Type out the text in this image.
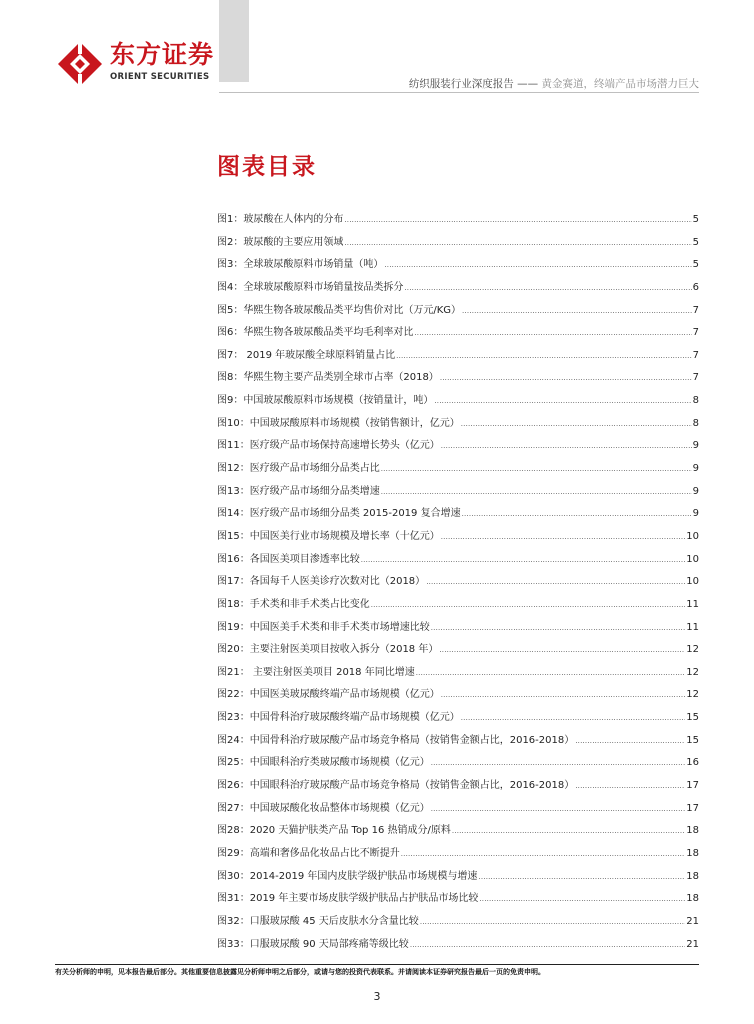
东方证券
ORIENT SECURITIES
纺织服装行业深度报告 —— 黄金赛道，终端产品市场潜力巨大
图表目录
图1：玻尿酸在人体内的分布 .....	5
图2：玻尿酸的主要应用领域 .....	5
图3：全球玻尿酸原料市场销量（吨） .....	5
图4：全球玻尿酸原料市场销量按品类拆分 .....	6
图5：华熙生物各玻尿酸品类平均售价对比（万元/KG） .....	7
图6：华熙生物各玻尿酸品类平均毛利率对比 .....	7
图7： 2019 年玻尿酸全球原料销量占比 .....	7
图8：华熙生物主要产品类别全球市占率（2018） .....	7
图9：中国玻尿酸原料市场规模（按销量计，吨） .....	8
图10：中国玻尿酸原料市场规模（按销售额计，亿元） .....	8
图11：医疗级产品市场保持高速增长势头（亿元） .....	9
图12：医疗级产品市场细分品类占比 .....	9
图13：医疗级产品市场细分品类增速 .....	9
图14：医疗级产品市场细分品类 2015-2019 复合增速 .....	9
图15：中国医美行业市场规模及增长率（十亿元） .....	10
图16：各国医美项目渗透率比较 .....	10
图17：各国每千人医美诊疗次数对比（2018） .....	10
图18：手术类和非手术类占比变化 .....	11
图19：中国医美手术类和非手术类市场增速比较 .....	11
图20：主要注射医美项目按收入拆分（2018 年） .....	12
图21： 主要注射医美项目 2018 年同比增速 .....	12
图22：中国医美玻尿酸终端产品市场规模（亿元） .....	12
图23：中国骨科治疗玻尿酸终端产品市场规模（亿元） .....	15
图24：中国骨科治疗玻尿酸产品市场竞争格局（按销售金额占比，2016-2018） .....	15
图25：中国眼科治疗类玻尿酸市场规模（亿元） .....	16
图26：中国眼科治疗玻尿酸产品市场竞争格局（按销售金额占比，2016-2018） .....	17
图27：中国玻尿酸化妆品整体市场规模（亿元） .....	17
图28：2020 天猫护肤类产品 Top 16 热销成分/原料 .....	18
图29：高端和奢侈品化妆品占比不断提升 .....	18
图30：2014-2019 年国内皮肤学级护肤品市场规模与增速 .....	18
图31：2019 年主要市场皮肤学级护肤品占护肤品市场比较 .....	18
图32：口服玻尿酸 45 天后皮肤水分含量比较 .....	21
图33：口服玻尿酸 90 天局部疼痛等级比较 .....	21
有关分析师的申明，见本报告最后部分。其他重要信息披露见分析师申明之后部分，或请与您的投资代表联系。并请阅读本证券研究报告最后一页的免责申明。
3
